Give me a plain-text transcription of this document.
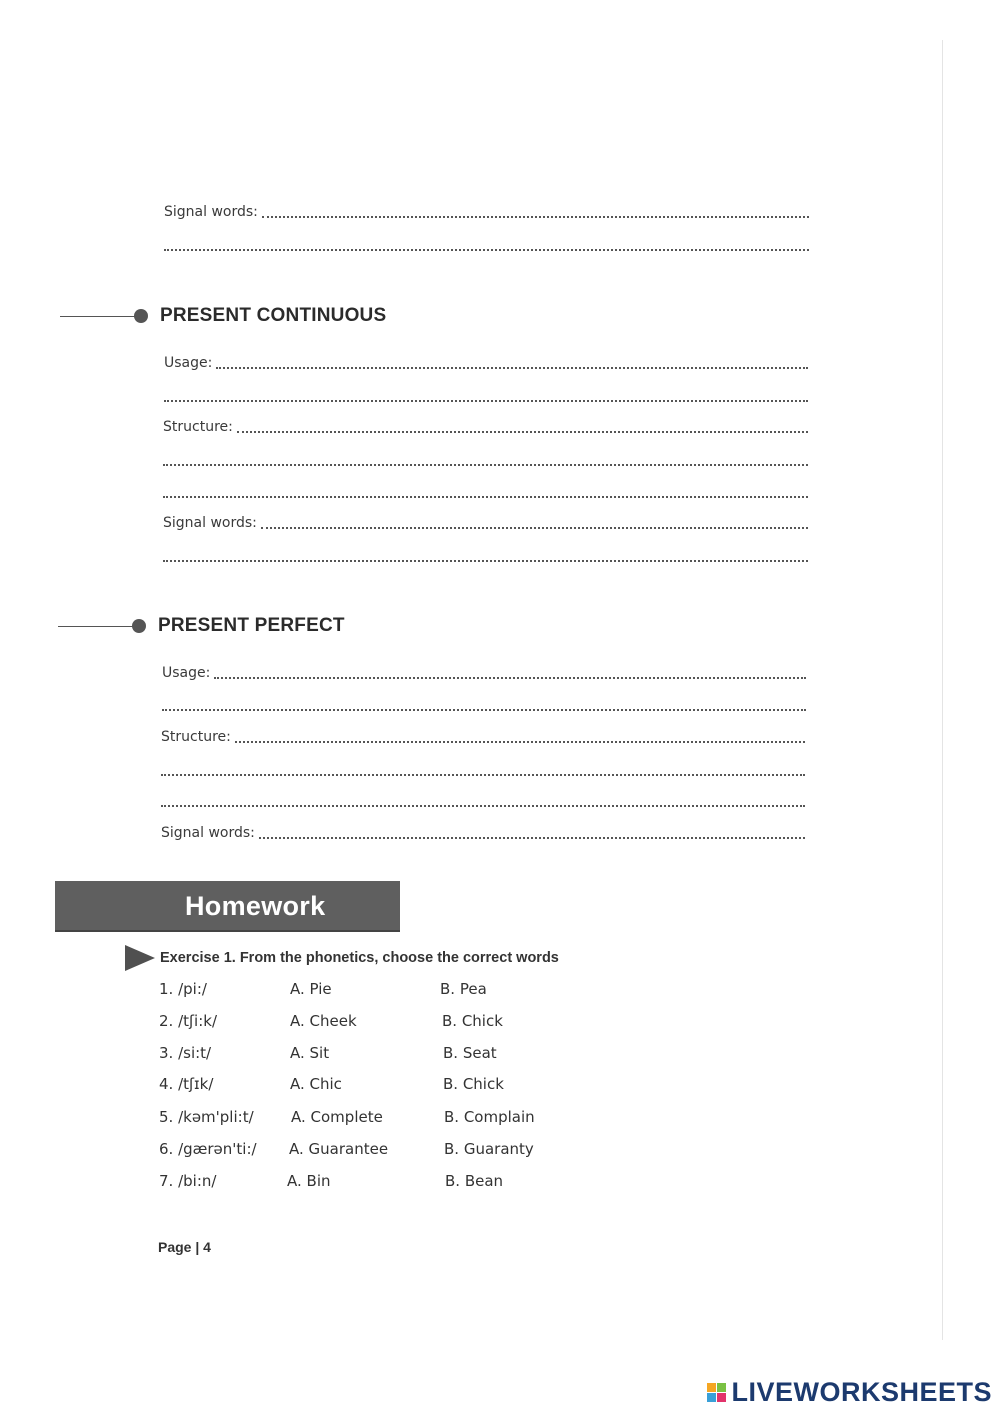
Signal words:
PRESENT CONTINUOUS
Usage:
Structure:
Signal words:
PRESENT PERFECT
Usage:
Structure:
Signal words:
Homework
Exercise 1. From the phonetics, choose the correct words
1. /pi:/	A. Pie	B. Pea
2. /tʃi:k/	A. Cheek	B. Chick
3. /si:t/	A. Sit	B. Seat
4. /tʃɪk/	A. Chic	B. Chick
5. /kəm'pli:t/ A. Complete	B. Complain
6. /gærən'ti:/ A. Guarantee	B. Guaranty
7. /bi:n/	A. Bin	B. Bean
Page | 4
LIVEWORKSHEETS
